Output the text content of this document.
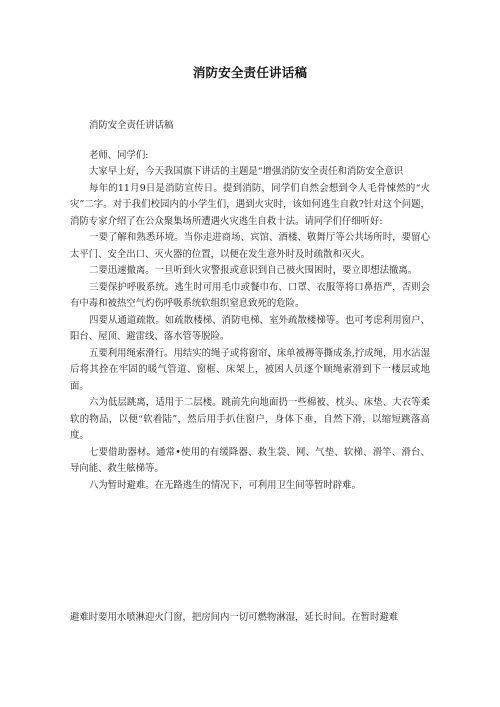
消防安全责任讲话稿

消防安全责任讲话稿

老师、同学们:

大家早上好，今天我国旗下讲话的主题是“增强消防安全责任和消防安全意识

每年的11月9日是消防宣传日。提到消防，同学们自然会想到令人毛骨悚然的“火灾”二字。对于我们校园内的小学生们，遇到火灾时，该如何逃生自救?针对这个问题，消防专家介绍了在公众聚集场所遭遇火灾逃生自救十法。请同学们仔细听好:

一要了解和熟悉环境。当你走进商场、宾馆、酒楼、敬舞厅等公共场所时，要留心太平门、安全出口、灭火器的位置，以便在发生意外时及时疏散和灭火。

二要迅速撤离。一旦听到火灾警报或意识到自己被火围困时，要立即想法撤离。

三要保护呼吸系统。逃生时可用毛巾或餐巾布、口罩、衣服等将口鼻捂严，否则会有中毒和被热空气灼伤呼吸系统软组织窒息致死的危险。

四要从通道疏散。如疏散楼梯、消防电梯、室外疏散楼梯等。也可考虑利用窗户、阳台、屋顶、避雷线、落水管等脱险。

五要利用绳索滑行。用结实的绳子或将窗帘、床单被褥等撕成条,拧成绳，用水沾湿后将其拴在牢固的暖气管道、窗框、床架上，被困人员逐个顺绳索滑到下一楼层或地面。

六为低层跳离，适用于二层楼。跳前先向地面扔一些棉被、枕头、床垫、大衣等柔软的物品，以便“软着陆”，然后用手扒住窗户，身体下垂，自然下滑，以缩短跳落高度。

七要借助器材。通常•使用的有缓降器、救生袋、网、气垫、软梯、滑竿、滑台、导向能、救生舷梯等。

八为暂时避难。在无路逃生的情况下，可利用卫生间等暂时辟难。

避难时要用水喷淋迎火门窗，把房间内一切可燃物淋湿，延长时间。在暂时避难
